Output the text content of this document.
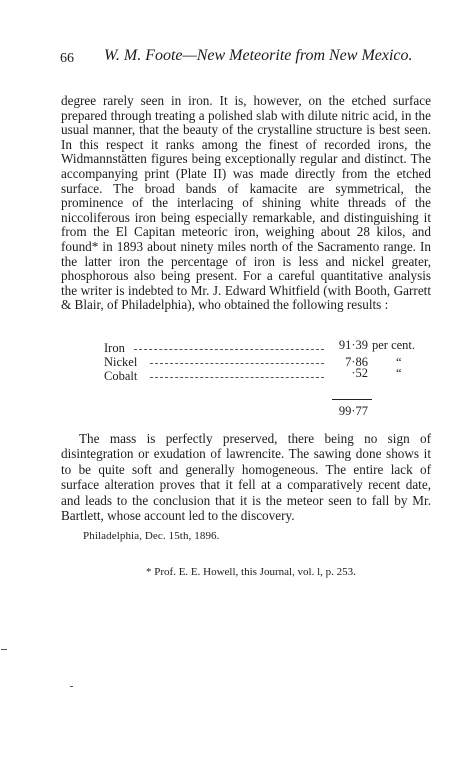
66 W. M. Foote—New Meteorite from New Mexico.

degree rarely seen in iron. It is, however, on the etched surface prepared through treating a polished slab with dilute nitric acid, in the usual manner, that the beauty of the crystalline structure is best seen. In this respect it ranks among the finest of recorded irons, the Widmannstätten figures being exceptionally regular and distinct. The accompanying print (Plate II) was made directly from the etched surface. The broad bands of kamacite are symmetrical, the prominence of the interlacing of shining white threads of the niccoliferous iron being especially remarkable, and distinguishing it from the El Capitan meteoric iron, weighing about 28 kilos, and found* in 1893 about ninety miles north of the Sacramento range. In the latter iron the percentage of iron is less and nickel greater, phosphorous also being present. For a careful quantitative analysis the writer is indebted to Mr. J. Edward Whitfield (with Booth, Garrett & Blair, of Philadelphia), who obtained the following results :

Iron	91·39 per cent.
Nickel	7·86 “
Cobalt	·52 “
99·77

The mass is perfectly preserved, there being no sign of disintegration or exudation of lawrencite. The sawing done shows it to be quite soft and generally homogeneous. The entire lack of surface alteration proves that it fell at a comparatively recent date, and leads to the conclusion that it is the meteor seen to fall by Mr. Bartlett, whose account led to the discovery.

Philadelphia, Dec. 15th, 1896.
* Prof. E. E. Howell, this Journal, vol. l, p. 253.
